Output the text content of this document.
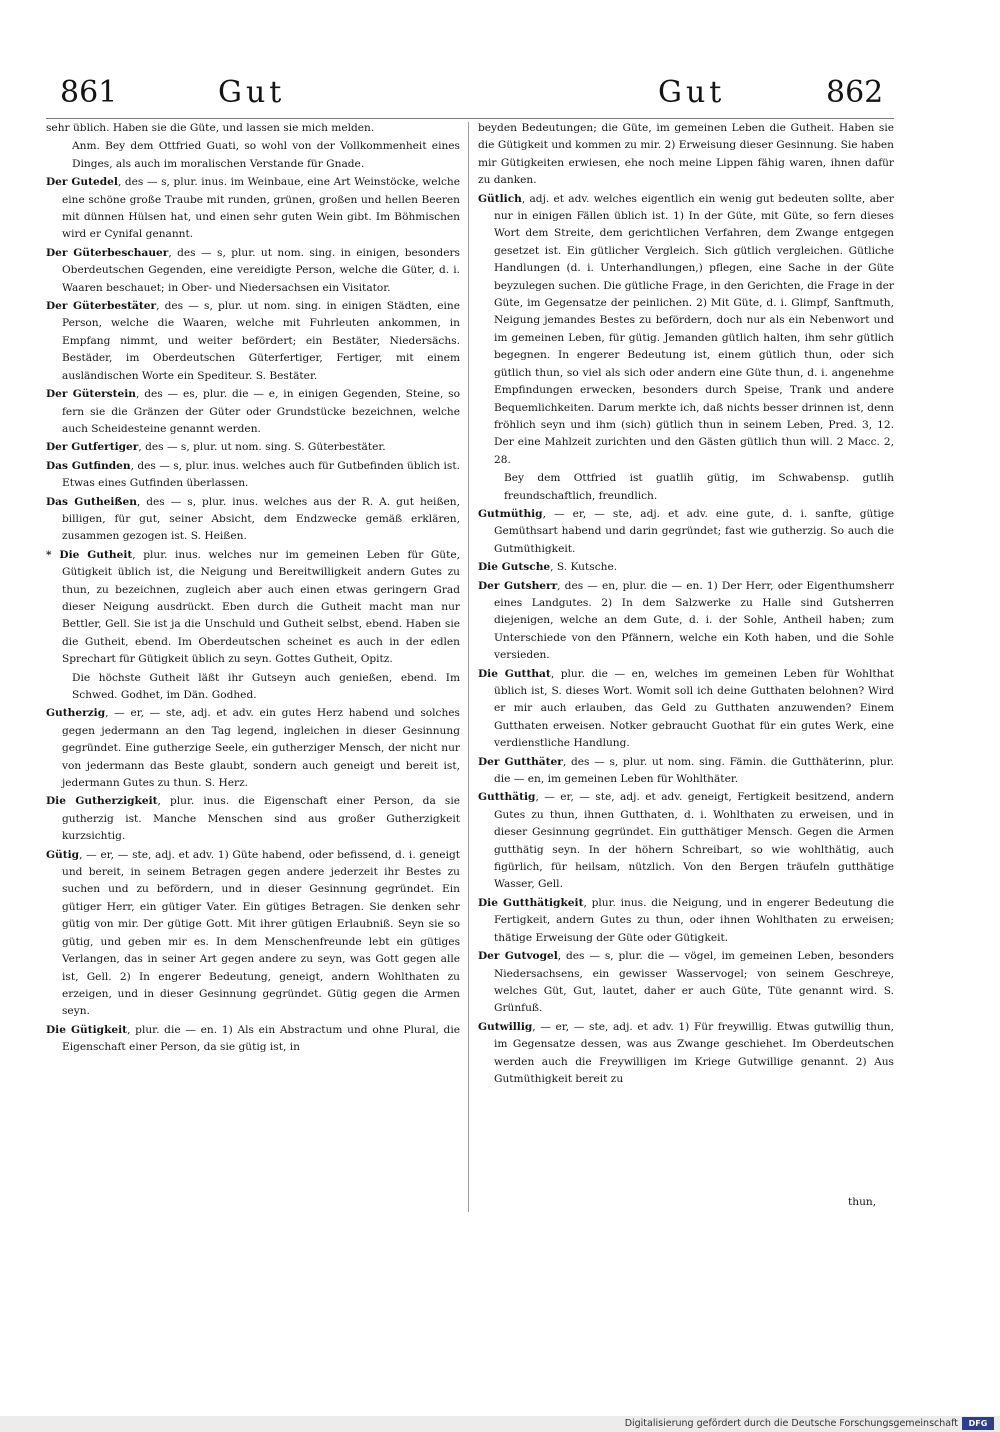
861	Gut	Gut	862

sehr üblich. Haben sie die Güte, und lassen sie mich melden.

Anm. Bey dem Ottfried Guati, so wohl von der Vollkommenheit eines Dinges, als auch im moralischen Verstande für Gnade.

Der Gutedel, des — s, plur. inus. im Weinbaue, eine Art Weinstöcke, welche eine schöne große Traube mit runden, grünen, großen und hellen Beeren mit dünnen Hülsen hat, und einen sehr guten Wein gibt. Im Böhmischen wird er Cynifal genannt.

Der Güterbeschauer, des — s, plur. ut nom. sing. in einigen, besonders Oberdeutschen Gegenden, eine vereidigte Person, welche die Güter, d. i. Waaren beschauet; in Ober- und Niedersachsen ein Visitator.

Der Güterbestäter, des — s, plur. ut nom. sing. in einigen Städten, eine Person, welche die Waaren, welche mit Fuhrleuten ankommen, in Empfang nimmt, und weiter befördert; ein Bestäter, Niedersächs. Bestäder, im Oberdeutschen Güterfertiger, Fertiger, mit einem ausländischen Worte ein Spediteur. S. Bestäter.

Der Güterstein, des — es, plur. die — e, in einigen Gegenden, Steine, so fern sie die Gränzen der Güter oder Grundstücke bezeichnen, welche auch Scheidesteine genannt werden.

Der Gutfertiger, des — s, plur. ut nom. sing. S. Güterbestäter.

Das Gutfinden, des — s, plur. inus. welches auch für Gutbefinden üblich ist. Etwas eines Gutfinden überlassen.

Das Gutheißen, des — s, plur. inus. welches aus der R. A. gut heißen, billigen, für gut, seiner Absicht, dem Endzwecke gemäß erklären, zusammen gezogen ist. S. Heißen.

* Die Gutheit, plur. inus. welches nur im gemeinen Leben für Güte, Gütigkeit üblich ist, die Neigung und Bereitwilligkeit andern Gutes zu thun, zu bezeichnen, zugleich aber auch einen etwas geringern Grad dieser Neigung ausdrückt. Eben durch die Gutheit macht man nur Bettler, Gell. Sie ist ja die Unschuld und Gutheit selbst, ebend. Haben sie die Gutheit, ebend. Im Oberdeutschen scheinet es auch in der edlen Sprechart für Gütigkeit üblich zu seyn. Gottes Gutheit, Opitz.

Die höchste Gutheit läßt ihr Gutseyn auch genießen, ebend. Im Schwed. Godhet, im Dän. Godhed.

Gutherzig, — er, — ste, adj. et adv. ein gutes Herz habend und solches gegen jedermann an den Tag legend, ingleichen in dieser Gesinnung gegründet. Eine gutherzige Seele, ein gutherziger Mensch, der nicht nur von jedermann das Beste glaubt, sondern auch geneigt und bereit ist, jedermann Gutes zu thun. S. Herz.

Die Gutherzigkeit, plur. inus. die Eigenschaft einer Person, da sie gutherzig ist. Manche Menschen sind aus großer Gutherzigkeit kurzsichtig.

Gütig, — er, — ste, adj. et adv. 1) Güte habend, oder befissend, d. i. geneigt und bereit, in seinem Betragen gegen andere jederzeit ihr Bestes zu suchen und zu befördern, und in dieser Gesinnung gegründet. Ein gütiger Herr, ein gütiger Vater. Ein gütiges Betragen. Sie denken sehr gütig von mir. Der gütige Gott. Mit ihrer gütigen Erlaubniß. Seyn sie so gütig, und geben mir es. In dem Menschenfreunde lebt ein gütiges Verlangen, das in seiner Art gegen andere zu seyn, was Gott gegen alle ist, Gell. 2) In engerer Bedeutung, geneigt, andern Wohlthaten zu erzeigen, und in dieser Gesinnung gegründet. Gütig gegen die Armen seyn.

Die Gütigkeit, plur. die — en. 1) Als ein Abstractum und ohne Plural, die Eigenschaft einer Person, da sie gütig ist, in

beyden Bedeutungen; die Güte, im gemeinen Leben die Gutheit. Haben sie die Gütigkeit und kommen zu mir. 2) Erweisung dieser Gesinnung. Sie haben mir Gütigkeiten erwiesen, ehe noch meine Lippen fähig waren, ihnen dafür zu danken.

Gütlich, adj. et adv. welches eigentlich ein wenig gut bedeuten sollte, aber nur in einigen Fällen üblich ist. 1) In der Güte, mit Güte, so fern dieses Wort dem Streite, dem gerichtlichen Verfahren, dem Zwange entgegen gesetzet ist. Ein gütlicher Vergleich. Sich gütlich vergleichen. Gütliche Handlungen (d. i. Unterhandlungen,) pflegen, eine Sache in der Güte beyzulegen suchen. Die gütliche Frage, in den Gerichten, die Frage in der Güte, im Gegensatze der peinlichen. 2) Mit Güte, d. i. Glimpf, Sanftmuth, Neigung jemandes Bestes zu befördern, doch nur als ein Nebenwort und im gemeinen Leben, für gütig. Jemanden gütlich halten, ihm sehr gütlich begegnen. In engerer Bedeutung ist, einem gütlich thun, oder sich gütlich thun, so viel als sich oder andern eine Güte thun, d. i. angenehme Empfindungen erwecken, besonders durch Speise, Trank und andere Bequemlichkeiten. Darum merkte ich, daß nichts besser drinnen ist, denn fröhlich seyn und ihm (sich) gütlich thun in seinem Leben, Pred. 3, 12. Der eine Mahlzeit zurichten und den Gästen gütlich thun will. 2 Macc. 2, 28.

Bey dem Ottfried ist guatlih gütig, im Schwabensp. gutlih freundschaftlich, freundlich.

Gutmüthig, — er, — ste, adj. et adv. eine gute, d. i. sanfte, gütige Gemüthsart habend und darin gegründet; fast wie gutherzig. So auch die Gutmüthigkeit.

Die Gutsche, S. Kutsche.

Der Gutsherr, des — en, plur. die — en. 1) Der Herr, oder Eigenthumsherr eines Landgutes. 2) In dem Salzwerke zu Halle sind Gutsherren diejenigen, welche an dem Gute, d. i. der Sohle, Antheil haben; zum Unterschiede von den Pfännern, welche ein Koth haben, und die Sohle versieden.

Die Gutthat, plur. die — en, welches im gemeinen Leben für Wohlthat üblich ist, S. dieses Wort. Womit soll ich deine Gutthaten belohnen? Wird er mir auch erlauben, das Geld zu Gutthaten anzuwenden? Einem Gutthaten erweisen. Notker gebraucht Guothat für ein gutes Werk, eine verdienstliche Handlung.

Der Gutthäter, des — s, plur. ut nom. sing. Fämin. die Gutthäterinn, plur. die — en, im gemeinen Leben für Wohlthäter.

Gutthätig, — er, — ste, adj. et adv. geneigt, Fertigkeit besitzend, andern Gutes zu thun, ihnen Gutthaten, d. i. Wohlthaten zu erweisen, und in dieser Gesinnung gegründet. Ein gutthätiger Mensch. Gegen die Armen gutthätig seyn. In der höhern Schreibart, so wie wohlthätig, auch figürlich, für heilsam, nützlich. Von den Bergen träufeln gutthätige Wasser, Gell.

Die Gutthätigkeit, plur. inus. die Neigung, und in engerer Bedeutung die Fertigkeit, andern Gutes zu thun, oder ihnen Wohlthaten zu erweisen; thätige Erweisung der Güte oder Gütigkeit.

Der Gutvogel, des — s, plur. die — vögel, im gemeinen Leben, besonders Niedersachsens, ein gewisser Wasservogel; von seinem Geschreye, welches Güt, Gut, lautet, daher er auch Güte, Tüte genannt wird. S. Grünfuß.

Gutwillig, — er, — ste, adj. et adv. 1) Für freywillig. Etwas gutwillig thun, im Gegensatze dessen, was aus Zwange geschiehet. Im Oberdeutschen werden auch die Freywilligen im Kriege Gutwillige genannt. 2) Aus Gutmüthigkeit bereit zu

thun,
Digitalisierung gefördert durch die Deutsche Forschungsgemeinschaft	DFG
